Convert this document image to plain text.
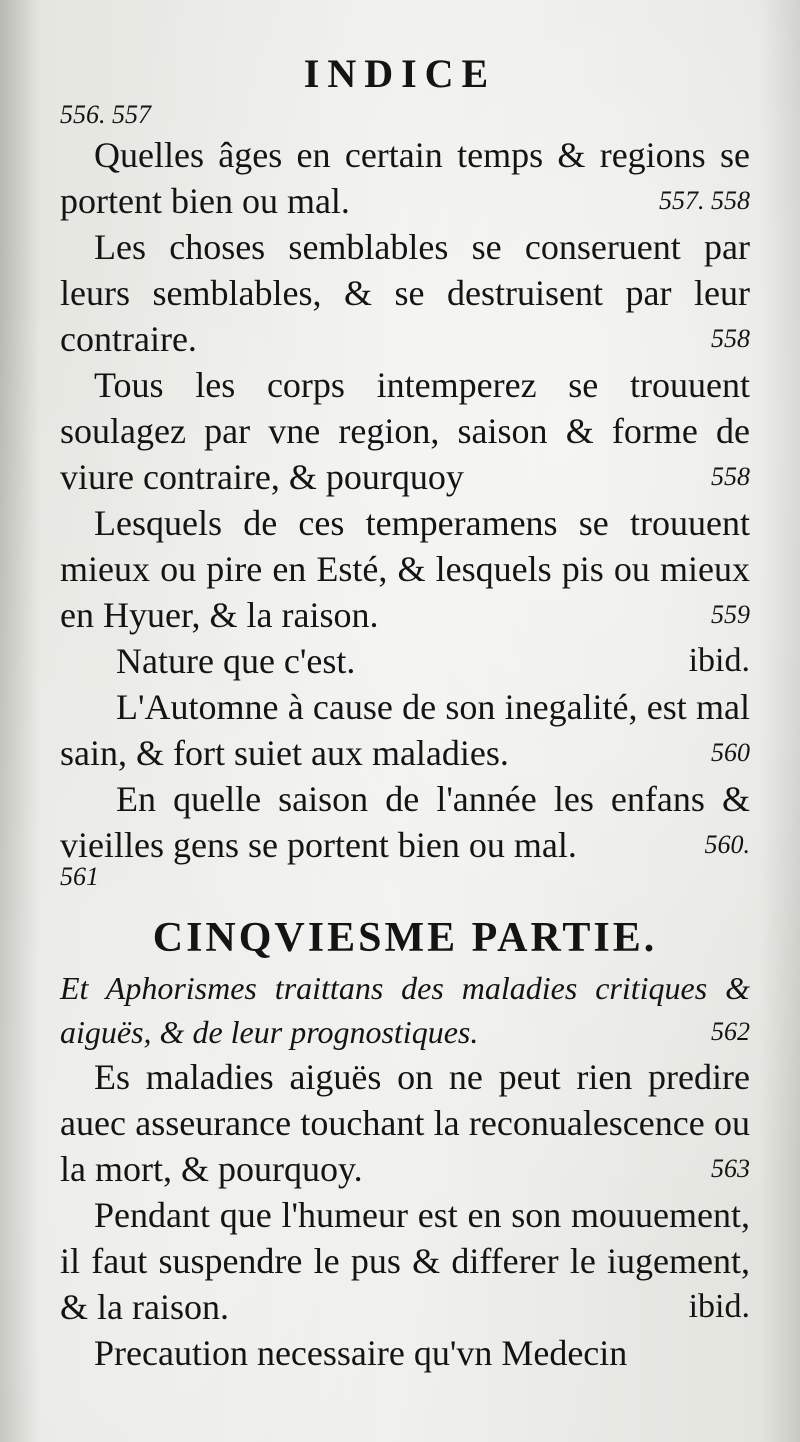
INDICE
556. 557
Quelles âges en certain temps & regions se portent bien ou mal.	557. 558
Les choses semblables se conseruent par leurs semblables, & se destruisent par leur contraire.	558
Tous les corps intemperez se trouuent soulagez par vne region, saison & forme de viure contraire, & pourquoy	558
Lesquels de ces temperamens se trouuent mieux ou pire en Esté, & lesquels pis ou mieux en Hyuer, & la raison.	559
Nature que c'est.	ibid.
L'Automne à cause de son inegalité, est mal sain, & fort suiet aux maladies.	560
En quelle saison de l'année les enfans & vieilles gens se portent bien ou mal.	560.
561
CINQVIESME PARTIE.
Et Aphorismes traittans des maladies critiques & aiguës, & de leur prognostiques.	562
Es maladies aiguës on ne peut rien predire auec asseurance touchant la reconualescence ou la mort, & pourquoy.	563
Pendant que l'humeur est en son mouuement, il faut suspendre le pus & differer le iugement, & la raison.	ibid.
Precaution necessaire qu'vn Medecin
